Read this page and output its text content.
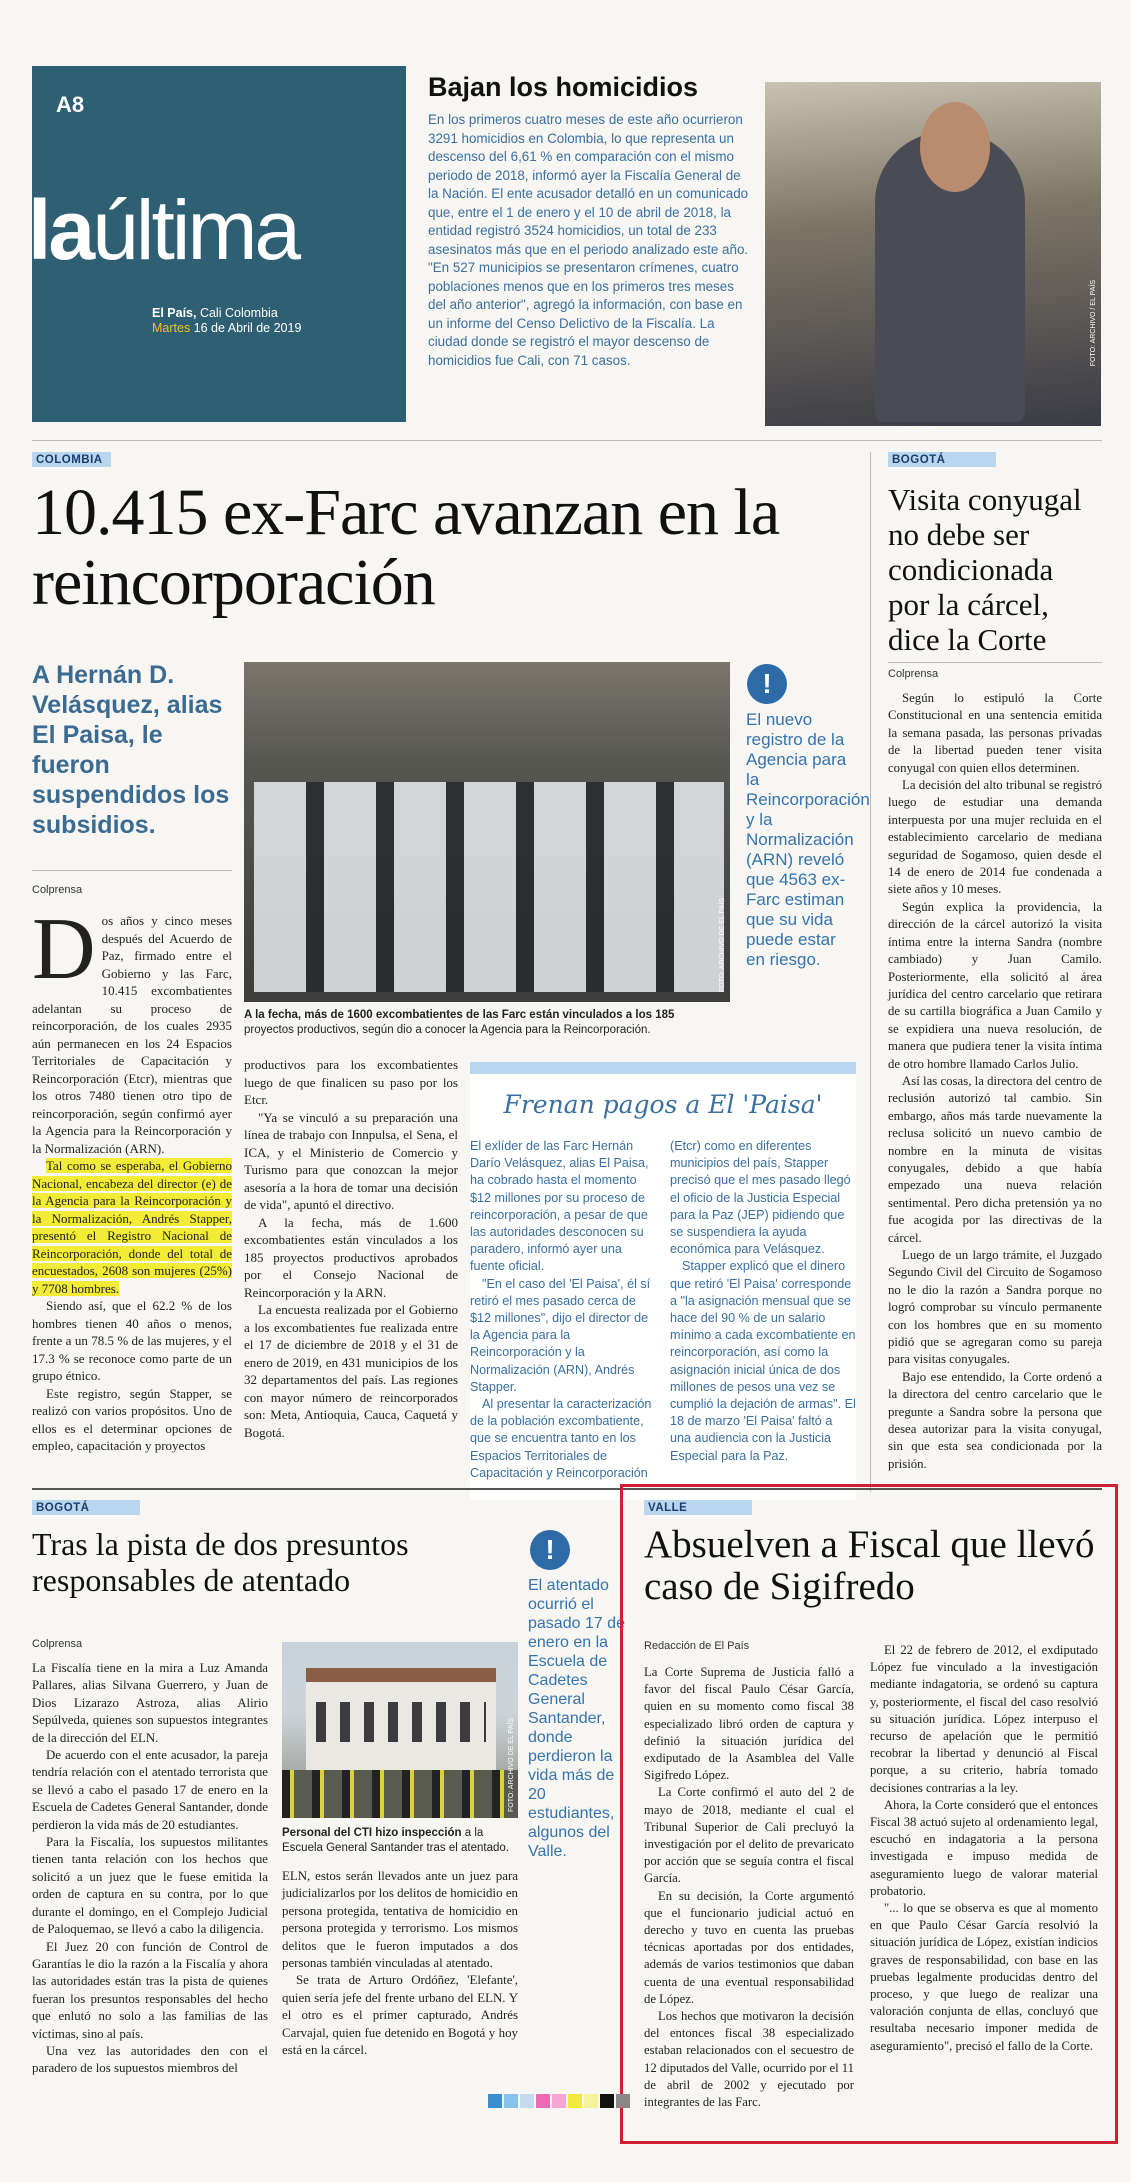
A8
laúltima
El País, Cali Colombia
Martes 16 de Abril de 2019
Bajan los homicidios
En los primeros cuatro meses de este año ocurrieron 3291 homicidios en Colombia, lo que representa un descenso del 6,61 % en comparación con el mismo periodo de 2018, informó ayer la Fiscalía General de la Nación. El ente acusador detalló en un comunicado que, entre el 1 de enero y el 10 de abril de 2018, la entidad registró 3524 homicidios, un total de 233 asesinatos más que en el periodo analizado este año. "En 527 municipios se presentaron crímenes, cuatro poblaciones menos que en los primeros tres meses del año anterior", agregó la información, con base en un informe del Censo Delictivo de la Fiscalía. La ciudad donde se registró el mayor descenso de homicidios fue Cali, con 71 casos.	FOTO: ARCHIVO / EL PAÍS
COLOMBIA
10.415 ex-Farc avanzan en la reincorporación
A Hernán D. Velásquez, alias El Paisa, le fueron suspendidos los subsidios.
Colprensa
FOTO: ARCHIVO DE EL PAÍS
A la fecha, más de 1600 excombatientes de las Farc están vinculados a los 185
proyectos productivos, según dio a conocer la Agencia para la Reincorporación.
!
El nuevo registro de la Agencia para la Reincorporación y la Normalización (ARN) reveló que 4563 ex-Farc estiman que su vida puede estar en riesgo.

Dos años y cinco meses después del Acuerdo de Paz, firmado entre el Gobierno y las Farc, 10.415 excombatientes adelantan su proceso de reincorporación, de los cuales 2935 aún permanecen en los 24 Espacios Territoriales de Capacitación y Reincorporación (Etcr), mientras que los otros 7480 tienen otro tipo de reincorporación, según confirmó ayer la Agencia para la Reincorporación y la Normalización (ARN).

Tal como se esperaba, el Gobierno Nacional, encabeza del director (e) de la Agencia para la Reincorporación y la Normalización, Andrés Stapper, presentó el Registro Nacional de Reincorporación, donde del total de encuestados, 2608 son mujeres (25%) y 7708 hombres.

Siendo así, que el 62.2 % de los hombres tienen 40 años o menos, frente a un 78.5 % de las mujeres, y el 17.3 % se reconoce como parte de un grupo étnico.

Este registro, según Stapper, se realizó con varios propósitos. Uno de ellos es el determinar opciones de empleo, capacitación y proyectos

productivos para los excombatientes luego de que finalicen su paso por los Etcr.

"Ya se vinculó a su preparación una línea de trabajo con Innpulsa, el Sena, el ICA, y el Ministerio de Comercio y Turismo para que conozcan la mejor asesoría a la hora de tomar una decisión de vida", apuntó el directivo.

A la fecha, más de 1.600 excombatientes están vinculados a los 185 proyectos productivos aprobados por el Consejo Nacional de Reincorporación y la ARN.

La encuesta realizada por el Gobierno a los excombatientes fue realizada entre el 17 de diciembre de 2018 y el 31 de enero de 2019, en 431 municipios de los 32 departamentos del país. Las regiones con mayor número de reincorporados son: Meta, Antioquia, Cauca, Caquetá y Bogotá.

Frenan pagos a El 'Paisa'
El exlíder de las Farc Hernán Darío Velásquez, alias El Paisa, ha cobrado hasta el momento $12 millones por su proceso de reincorporación, a pesar de que las autoridades desconocen su paradero, informó ayer una fuente oficial.
"En el caso del 'El Paisa', él sí retiró el mes pasado cerca de $12 millones", dijo el director de la Agencia para la Reincorporación y la Normalización (ARN), Andrés Stapper.
Al presentar la caracterización de la población excombatiente, que se encuentra tanto en los Espacios Territoriales de Capacitación y Reincorporación
(Etcr) como en diferentes municipios del país, Stapper precisó que el mes pasado llegó el oficio de la Justicia Especial para la Paz (JEP) pidiendo que se suspendiera la ayuda económica para Velásquez.
Stapper explicó que el dinero que retiró 'El Paisa' corresponde a "la asignación mensual que se hace del 90 % de un salario mínimo a cada excombatiente en reincorporación, así como la asignación inicial única de dos millones de pesos una vez se cumplió la dejación de armas". El 18 de marzo 'El Paisa' faltó a una audiencia con la Justicia Especial para la Paz.
BOGOTÁ
Visita conyugal no debe ser condicionada por la cárcel, dice la Corte
Colprensa

Según lo estipuló la Corte Constitucional en una sentencia emitida la semana pasada, las personas privadas de la libertad pueden tener visita conyugal con quien ellos determinen.

La decisión del alto tribunal se registró luego de estudiar una demanda interpuesta por una mujer recluida en el establecimiento carcelario de mediana seguridad de Sogamoso, quien desde el 14 de enero de 2014 fue condenada a siete años y 10 meses.

Según explica la providencia, la dirección de la cárcel autorizó la visita íntima entre la interna Sandra (nombre cambiado) y Juan Camilo. Posteriormente, ella solicitó al área jurídica del centro carcelario que retirara de su cartilla biográfica a Juan Camilo y se expidiera una nueva resolución, de manera que pudiera tener la visita íntima de otro hombre llamado Carlos Julio.

Así las cosas, la directora del centro de reclusión autorizó tal cambio. Sin embargo, años más tarde nuevamente la reclusa solicitó un nuevo cambio de nombre en la minuta de visitas conyugales, debido a que había empezado una nueva relación sentimental. Pero dicha pretensión ya no fue acogida por las directivas de la cárcel.

Luego de un largo trámite, el Juzgado Segundo Civil del Circuito de Sogamoso no le dio la razón a Sandra porque no logró comprobar su vínculo permanente con los hombres que en su momento pidió que se agregaran como su pareja para visitas conyugales.

Bajo ese entendido, la Corte ordenó a la directora del centro carcelario que le pregunte a Sandra sobre la persona que desea autorizar para la visita conyugal, sin que esta sea condicionada por la prisión.

BOGOTÁ
Tras la pista de dos presuntos responsables de atentado
Colprensa
!
El atentado ocurrió el pasado 17 de enero en la Escuela de Cadetes General Santander, donde perdieron la vida más de 20 estudiantes, algunos del Valle.
FOTO: ARCHIVO DE EL PAÍS
Personal del CTI hizo inspección a la Escuela General Santander tras el atentado.

La Fiscalía tiene en la mira a Luz Amanda Pallares, alias Silvana Guerrero, y Juan de Dios Lizarazo Astroza, alias Alirio Sepúlveda, quienes son supuestos integrantes de la dirección del ELN.

De acuerdo con el ente acusador, la pareja tendría relación con el atentado terrorista que se llevó a cabo el pasado 17 de enero en la Escuela de Cadetes General Santander, donde perdieron la vida más de 20 estudiantes.

Para la Fiscalía, los supuestos militantes tienen tanta relación con los hechos que solicitó a un juez que le fuese emitida la orden de captura en su contra, por lo que durante el domingo, en el Complejo Judicial de Paloquemao, se llevó a cabo la diligencia.

El Juez 20 con función de Control de Garantías le dio la razón a la Fiscalía y ahora las autoridades están tras la pista de quienes fueran los presuntos responsables del hecho que enlutó no solo a las familias de las víctimas, sino al país.

Una vez las autoridades den con el paradero de los supuestos miembros del

ELN, estos serán llevados ante un juez para judicializarlos por los delitos de homicidio en persona protegida, tentativa de homicidio en persona protegida y terrorismo. Los mismos delitos que le fueron imputados a dos personas también vinculadas al atentado.

Se trata de Arturo Ordóñez, 'Elefante', quien sería jefe del frente urbano del ELN. Y el otro es el primer capturado, Andrés Carvajal, quien fue detenido en Bogotá y hoy está en la cárcel.

VALLE
Absuelven a Fiscal que llevó caso de Sigifredo
Redacción de El País

La Corte Suprema de Justicia falló a favor del fiscal Paulo César García, quien en su momento como fiscal 38 especializado libró orden de captura y definió la situación jurídica del exdiputado de la Asamblea del Valle Sigifredo López.

La Corte confirmó el auto del 2 de mayo de 2018, mediante el cual el Tribunal Superior de Cali precluyó la investigación por el delito de prevaricato por acción que se seguía contra el fiscal García.

En su decisión, la Corte argumentó que el funcionario judicial actuó en derecho y tuvo en cuenta las pruebas técnicas aportadas por dos entidades, además de varios testimonios que daban cuenta de una eventual responsabilidad de López.

Los hechos que motivaron la decisión del entonces fiscal 38 especializado estaban relacionados con el secuestro de 12 diputados del Valle, ocurrido por el 11 de abril de 2002 y ejecutado por integrantes de las Farc.

El 22 de febrero de 2012, el exdiputado López fue vinculado a la investigación mediante indagatoria, se ordenó su captura y, posteriormente, el fiscal del caso resolvió su situación jurídica. López interpuso el recurso de apelación que le permitió recobrar la libertad y denunció al Fiscal porque, a su criterio, habría tomado decisiones contrarias a la ley.

Ahora, la Corte consideró que el entonces Fiscal 38 actuó sujeto al ordenamiento legal, escuchó en indagatoria a la persona investigada e impuso medida de aseguramiento luego de valorar material probatorio.

"... lo que se observa es que al momento en que Paulo César García resolvió la situación jurídica de López, existían indicios graves de responsabilidad, con base en las pruebas legalmente producidas dentro del proceso, y que luego de realizar una valoración conjunta de ellas, concluyó que resultaba necesario imponer medida de aseguramiento", precisó el fallo de la Corte.
